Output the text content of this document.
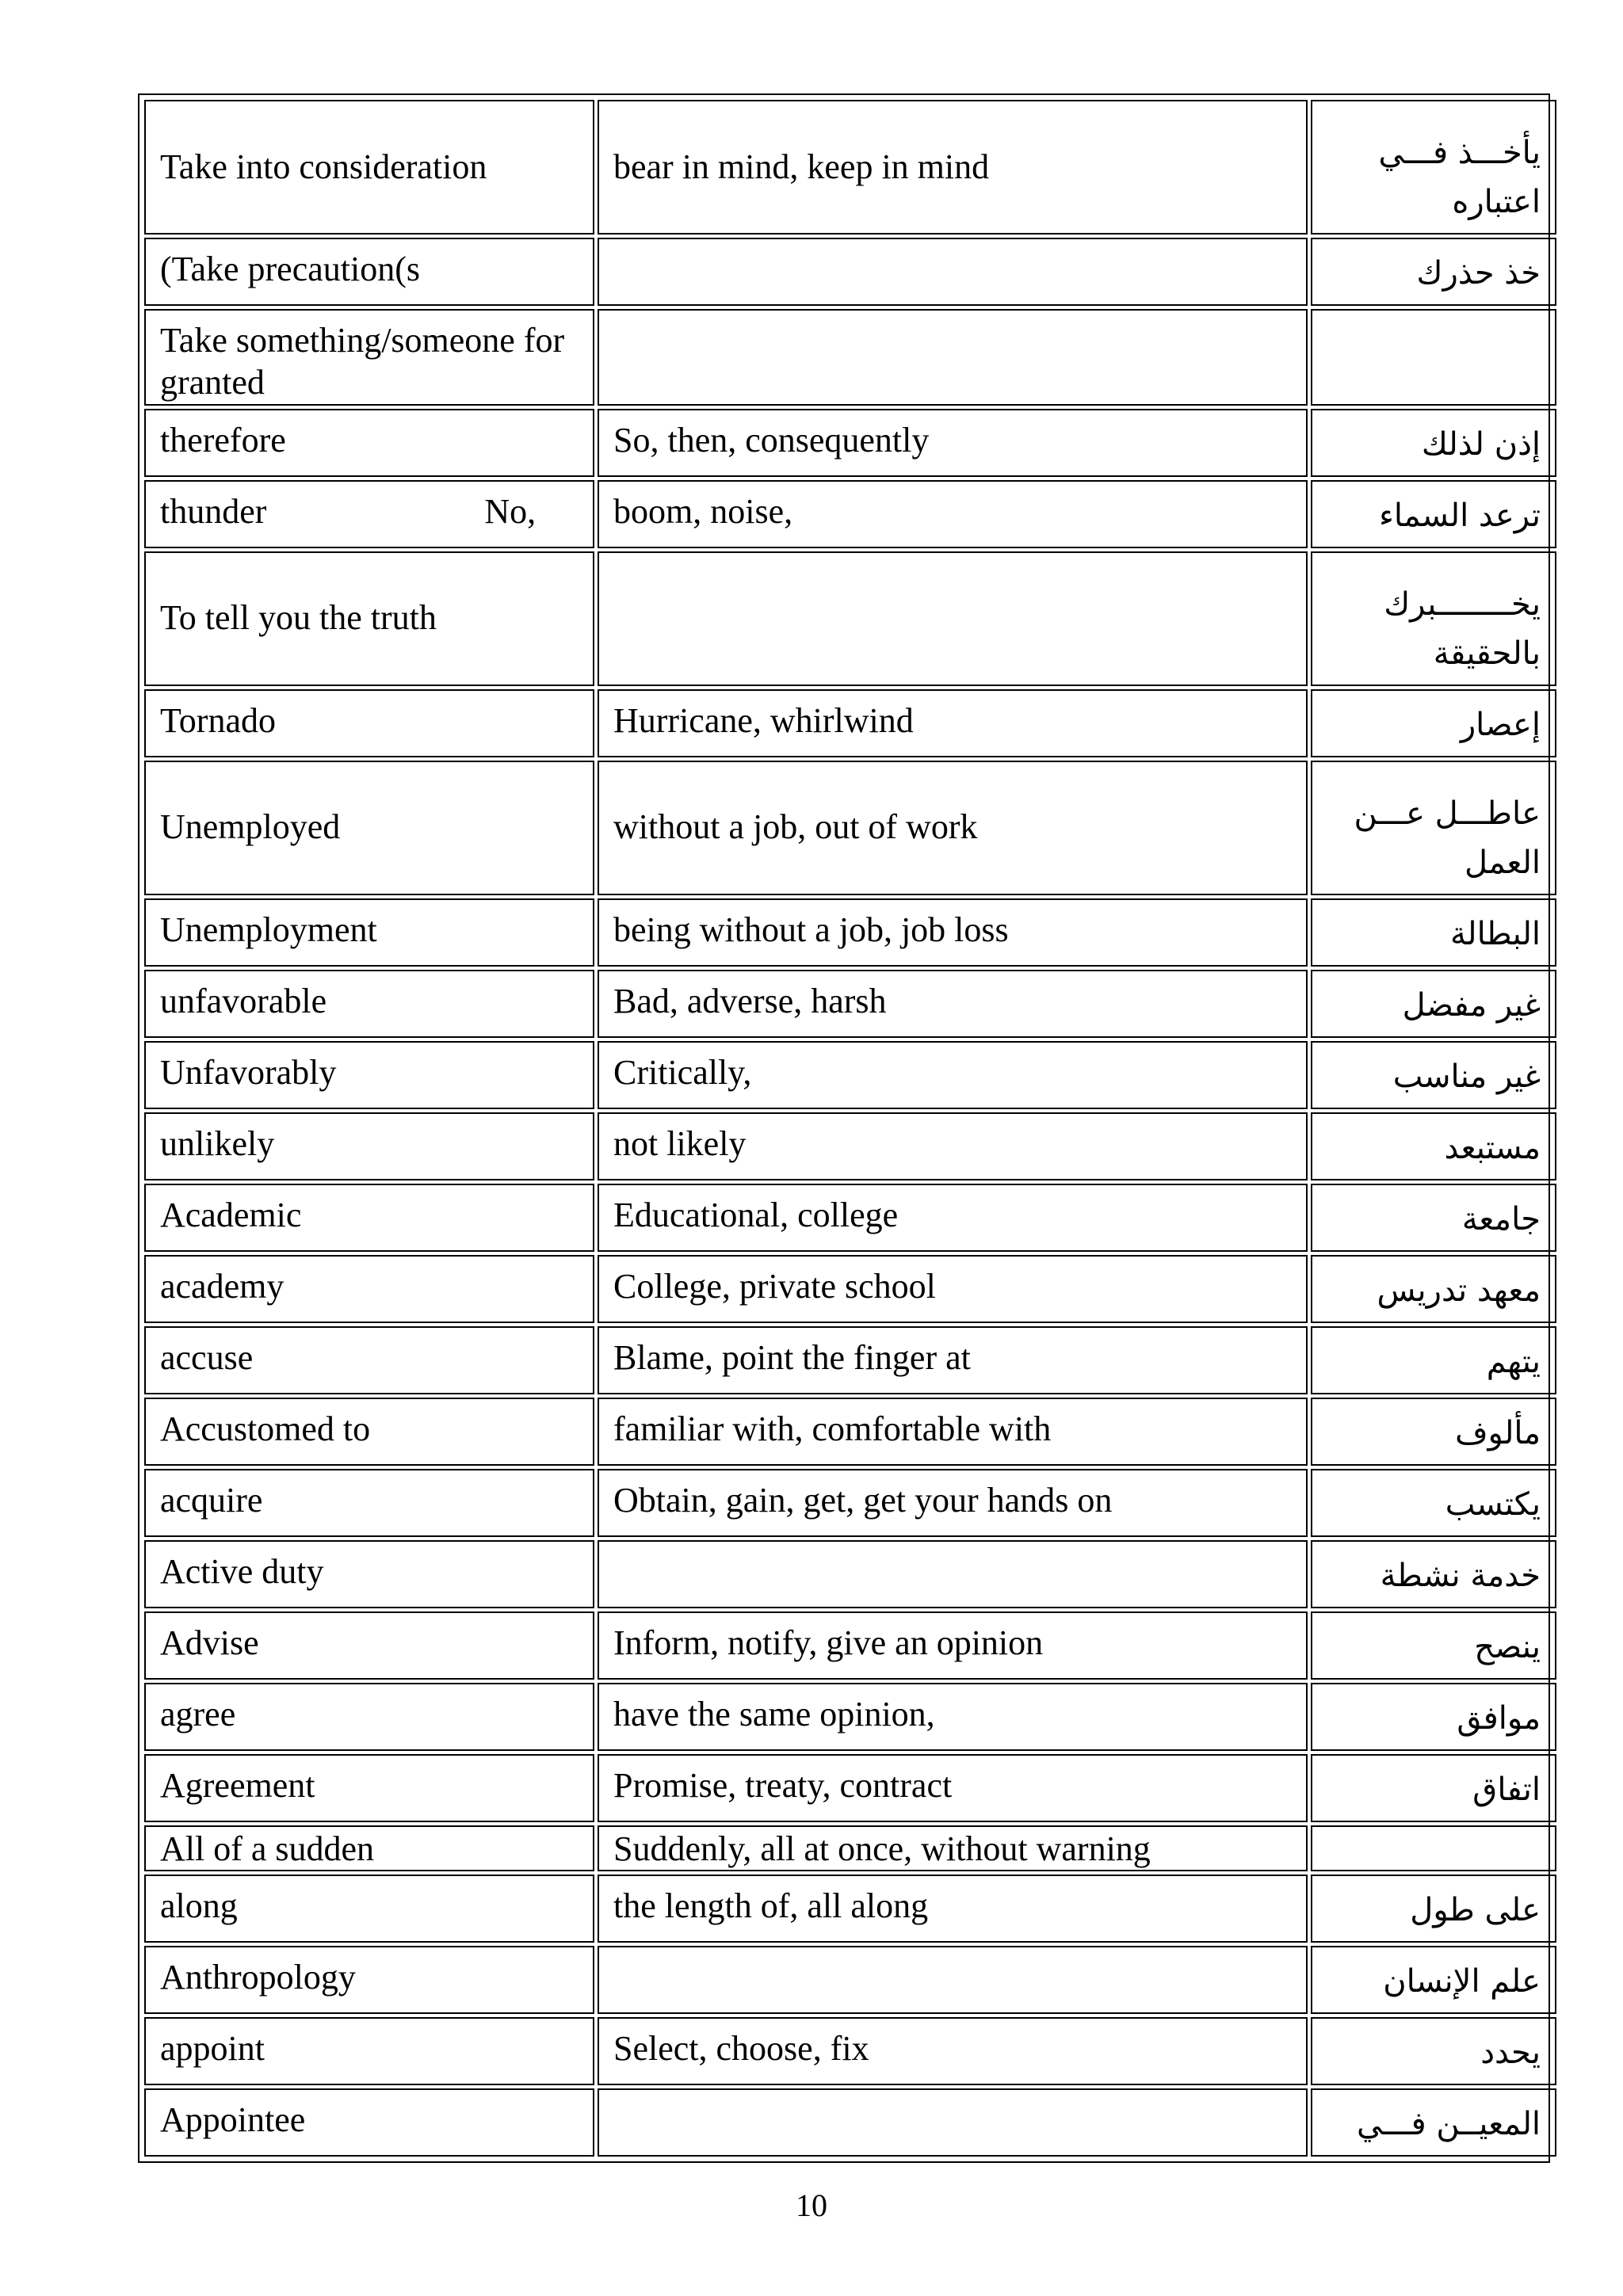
Take into consideration	bear in mind, keep in mind	يأخـــذ فـــي اعتباره
(Take precaution(s		خذ حذرك
Take something/someone for granted		
therefore	So, then, consequently	إذن لذلك
thunder                         No,	boom, noise,	ترعد السماء
To tell you the truth		يخــــــــبرك بالحقيقة
Tornado	Hurricane, whirlwind	إعصار
Unemployed	without a job, out of work	عاطـــل عـــن العمل
Unemployment	being without a job, job loss	البطالة
unfavorable	Bad, adverse, harsh	غير مفضل
Unfavorably	Critically,	غير مناسب
unlikely	not likely	مستبعد
Academic	Educational, college	جامعة
academy	College, private school	معهد تدريس
accuse	Blame, point the finger at	يتهم
Accustomed to	familiar with, comfortable with	مألوف
acquire	Obtain, gain, get, get your hands on	يكتسب
Active duty		خدمة نشطة
Advise	Inform, notify, give an opinion	ينصح
agree	have the same opinion,	موافق
Agreement	Promise, treaty, contract	اتفاق
All of a sudden	Suddenly, all at once, without warning	
along	the length of, all along	على طول
Anthropology		علم الإنسان
appoint	Select, choose, fix	يحدد
Appointee		المعيــن فـــي
10
